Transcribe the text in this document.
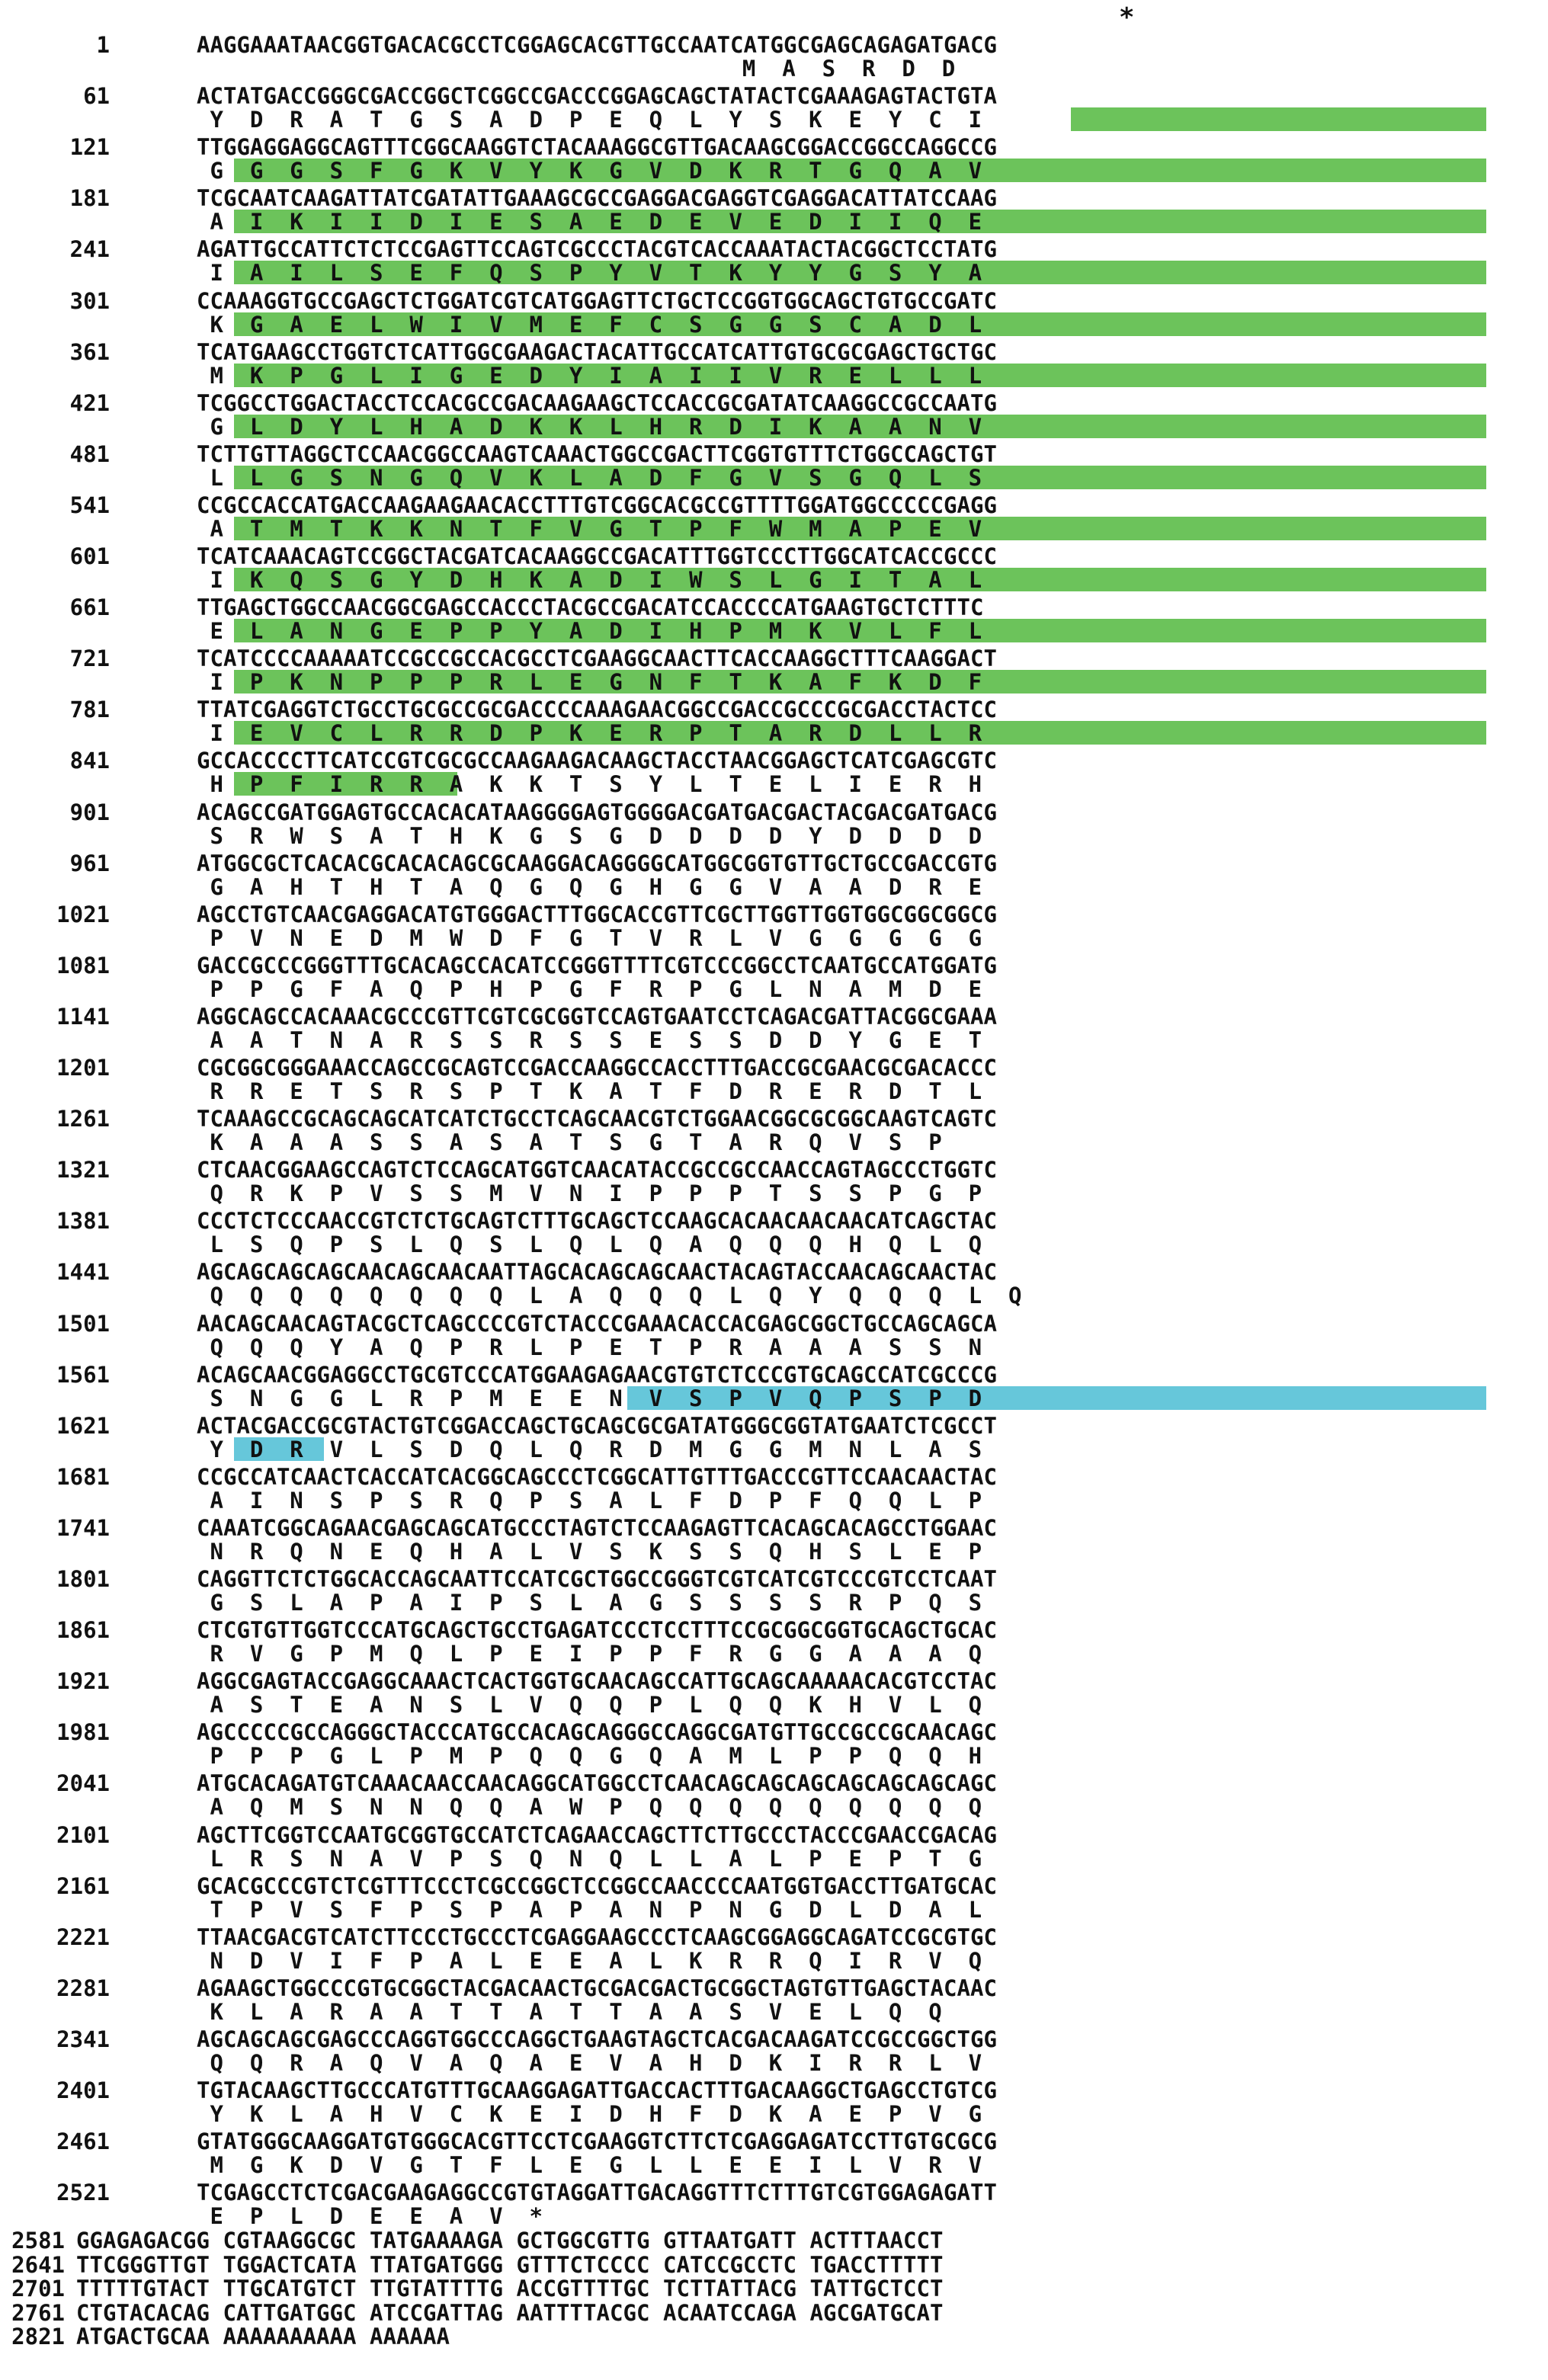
*
1	AAGGAAATAACGGTGACACGCCTCGGAGCACGTTGCCAATCATGGCGAGCAGAGATGACG
M  A  S  R  D  D
61	ACTATGACCGGGCGACCGGCTCGGCCGACCCGGAGCAGCTATACTCGAAAGAGTACTGTA
Y  D  R  A  T  G  S  A  D  P  E  Q  L  Y  S  K  E  Y  C  I
121	TTGGAGGAGGCAGTTTCGGCAAGGTCTACAAAGGCGTTGACAAGCGGACCGGCCAGGCCG
G  G  G  S  F  G  K  V  Y  K  G  V  D  K  R  T  G  Q  A  V
181	TCGCAATCAAGATTATCGATATTGAAAGCGCCGAGGACGAGGTCGAGGACATTATCCAAG
A  I  K  I  I  D  I  E  S  A  E  D  E  V  E  D  I  I  Q  E
241	AGATTGCCATTCTCTCCGAGTTCCAGTCGCCCTACGTCACCAAATACTACGGCTCCTATG
I  A  I  L  S  E  F  Q  S  P  Y  V  T  K  Y  Y  G  S  Y  A
301	CCAAAGGTGCCGAGCTCTGGATCGTCATGGAGTTCTGCTCCGGTGGCAGCTGTGCCGATC
K  G  A  E  L  W  I  V  M  E  F  C  S  G  G  S  C  A  D  L
361	TCATGAAGCCTGGTCTCATTGGCGAAGACTACATTGCCATCATTGTGCGCGAGCTGCTGC
M  K  P  G  L  I  G  E  D  Y  I  A  I  I  V  R  E  L  L  L
421	TCGGCCTGGACTACCTCCACGCCGACAAGAAGCTCCACCGCGATATCAAGGCCGCCAATG
G  L  D  Y  L  H  A  D  K  K  L  H  R  D  I  K  A  A  N  V
481	TCTTGTTAGGCTCCAACGGCCAAGTCAAACTGGCCGACTTCGGTGTTTCTGGCCAGCTGT
L  L  G  S  N  G  Q  V  K  L  A  D  F  G  V  S  G  Q  L  S
541	CCGCCACCATGACCAAGAAGAACACCTTTGTCGGCACGCCGTTTTGGATGGCCCCCGAGG
A  T  M  T  K  K  N  T  F  V  G  T  P  F  W  M  A  P  E  V
601	TCATCAAACAGTCCGGCTACGATCACAAGGCCGACATTTGGTCCCTTGGCATCACCGCCC
I  K  Q  S  G  Y  D  H  K  A  D  I  W  S  L  G  I  T  A  L
661	TTGAGCTGGCCAACGGCGAGCCACCCTACGCCGACATCCACCCCATGAAGTGCTCTTTC
E  L  A  N  G  E  P  P  Y  A  D  I  H  P  M  K  V  L  F  L
721	TCATCCCCAAAAATCCGCCGCCACGCCTCGAAGGCAACTTCACCAAGGCTTTCAAGGACT
I  P  K  N  P  P  P  R  L  E  G  N  F  T  K  A  F  K  D  F
781	TTATCGAGGTCTGCCTGCGCCGCGACCCCAAAGAACGGCCGACCGCCCGCGACCTACTCC
I  E  V  C  L  R  R  D  P  K  E  R  P  T  A  R  D  L  L  R
841	GCCACCCCTTCATCCGTCGCGCCAAGAAGACAAGCTACCTAACGGAGCTCATCGAGCGTC
H  P  F  I  R  R  A  K  K  T  S  Y  L  T  E  L  I  E  R  H
901	ACAGCCGATGGAGTGCCACACATAAGGGGAGTGGGGACGATGACGACTACGACGATGACG
S  R  W  S  A  T  H  K  G  S  G  D  D  D  D  Y  D  D  D  D
961	ATGGCGCTCACACGCACACAGCGCAAGGACAGGGGCATGGCGGTGTTGCTGCCGACCGTG
G  A  H  T  H  T  A  Q  G  Q  G  H  G  G  V  A  A  D  R  E
1021	AGCCTGTCAACGAGGACATGTGGGACTTTGGCACCGTTCGCTTGGTTGGTGGCGGCGGCG
P  V  N  E  D  M  W  D  F  G  T  V  R  L  V  G  G  G  G  G
1081	GACCGCCCGGGTTTGCACAGCCACATCCGGGTTTTCGTCCCGGCCTCAATGCCATGGATG
P  P  G  F  A  Q  P  H  P  G  F  R  P  G  L  N  A  M  D  E
1141	AGGCAGCCACAAACGCCCGTTCGTCGCGGTCCAGTGAATCCTCAGACGATTACGGCGAAA
A  A  T  N  A  R  S  S  R  S  S  E  S  S  D  D  Y  G  E  T
1201	CGCGGCGGGAAACCAGCCGCAGTCCGACCAAGGCCACCTTTGACCGCGAACGCGACACCC
R  R  E  T  S  R  S  P  T  K  A  T  F  D  R  E  R  D  T  L
1261	TCAAAGCCGCAGCAGCATCATCTGCCTCAGCAACGTCTGGAACGGCGCGGCAAGTCAGTC
K  A  A  A  S  S  A  S  A  T  S  G  T  A  R  Q  V  S  P
1321	CTCAACGGAAGCCAGTCTCCAGCATGGTCAACATACCGCCGCCAACCAGTAGCCCTGGTC
Q  R  K  P  V  S  S  M  V  N  I  P  P  P  T  S  S  P  G  P
1381	CCCTCTCCCAACCGTCTCTGCAGTCTTTGCAGCTCCAAGCACAACAACAACATCAGCTAC
L  S  Q  P  S  L  Q  S  L  Q  L  Q  A  Q  Q  Q  H  Q  L  Q
1441	AGCAGCAGCAGCAACAGCAACAATTAGCACAGCAGCAACTACAGTACCAACAGCAACTAC
Q  Q  Q  Q  Q  Q  Q  Q  L  A  Q  Q  Q  L  Q  Y  Q  Q  Q  L  Q
1501	AACAGCAACAGTACGCTCAGCCCCGTCTACCCGAAACACCACGAGCGGCTGCCAGCAGCA
Q  Q  Q  Y  A  Q  P  R  L  P  E  T  P  R  A  A  A  S  S  N
1561	ACAGCAACGGAGGCCTGCGTCCCATGGAAGAGAACGTGTCTCCCGTGCAGCCATCGCCCG
S  N  G  G  L  R  P  M  E  E  N  V  S  P  V  Q  P  S  P  D
1621	ACTACGACCGCGTACTGTCGGACCAGCTGCAGCGCGATATGGGCGGTATGAATCTCGCCT
Y  D  R  V  L  S  D  Q  L  Q  R  D  M  G  G  M  N  L  A  S
1681	CCGCCATCAACTCACCATCACGGCAGCCCTCGGCATTGTTTGACCCGTTCCAACAACTAC
A  I  N  S  P  S  R  Q  P  S  A  L  F  D  P  F  Q  Q  L  P
1741	CAAATCGGCAGAACGAGCAGCATGCCCTAGTCTCCAAGAGTTCACAGCACAGCCTGGAAC
N  R  Q  N  E  Q  H  A  L  V  S  K  S  S  Q  H  S  L  E  P
1801	CAGGTTCTCTGGCACCAGCAATTCCATCGCTGGCCGGGTCGTCATCGTCCCGTCCTCAAT
G  S  L  A  P  A  I  P  S  L  A  G  S  S  S  S  R  P  Q  S
1861	CTCGTGTTGGTCCCATGCAGCTGCCTGAGATCCCTCCTTTCCGCGGCGGTGCAGCTGCAC
R  V  G  P  M  Q  L  P  E  I  P  P  F  R  G  G  A  A  A  Q
1921	AGGCGAGTACCGAGGCAAACTCACTGGTGCAACAGCCATTGCAGCAAAAACACGTCCTAC
A  S  T  E  A  N  S  L  V  Q  Q  P  L  Q  Q  K  H  V  L  Q
1981	AGCCCCCGCCAGGGCTACCCATGCCACAGCAGGGCCAGGCGATGTTGCCGCCGCAACAGC
P  P  P  G  L  P  M  P  Q  Q  G  Q  A  M  L  P  P  Q  Q  H
2041	ATGCACAGATGTCAAACAACCAACAGGCATGGCCTCAACAGCAGCAGCAGCAGCAGCAGC
A  Q  M  S  N  N  Q  Q  A  W  P  Q  Q  Q  Q  Q  Q  Q  Q  Q
2101	AGCTTCGGTCCAATGCGGTGCCATCTCAGAACCAGCTTCTTGCCCTACCCGAACCGACAG
L  R  S  N  A  V  P  S  Q  N  Q  L  L  A  L  P  E  P  T  G
2161	GCACGCCCGTCTCGTTTCCCTCGCCGGCTCCGGCCAACCCCAATGGTGACCTTGATGCAC
T  P  V  S  F  P  S  P  A  P  A  N  P  N  G  D  L  D  A  L
2221	TTAACGACGTCATCTTCCCTGCCCTCGAGGAAGCCCTCAAGCGGAGGCAGATCCGCGTGC
N  D  V  I  F  P  A  L  E  E  A  L  K  R  R  Q  I  R  V  Q
2281	AGAAGCTGGCCCGTGCGGCTACGACAACTGCGACGACTGCGGCTAGTGTTGAGCTACAAC
K  L  A  R  A  A  T  T  A  T  T  A  A  S  V  E  L  Q  Q
2341	AGCAGCAGCGAGCCCAGGTGGCCCAGGCTGAAGTAGCTCACGACAAGATCCGCCGGCTGG
Q  Q  R  A  Q  V  A  Q  A  E  V  A  H  D  K  I  R  R  L  V
2401	TGTACAAGCTTGCCCATGTTTGCAAGGAGATTGACCACTTTGACAAGGCTGAGCCTGTCG
Y  K  L  A  H  V  C  K  E  I  D  H  F  D  K  A  E  P  V  G
2461	GTATGGGCAAGGATGTGGGCACGTTCCTCGAAGGTCTTCTCGAGGAGATCCTTGTGCGCG
M  G  K  D  V  G  T  F  L  E  G  L  L  E  E  I  L  V  R  V
2521	TCGAGCCTCTCGACGAAGAGGCCGTGTAGGATTGACAGGTTTCTTTGTCGTGGAGAGATT
E  P  L  D  E  E  A  V  *
2581 GGAGAGACGG CGTAAGGCGC TATGAAAAGA GCTGGCGTTG GTTAATGATT ACTTTAACCT
2641 TTCGGGTTGT TGGACTCATA TTATGATGGG GTTTCTCCCC CATCCGCCTC TGACCTTTTT
2701 TTTTTGTACT TTGCATGTCT TTGTATTTTG ACCGTTTTGC TCTTATTACG TATTGCTCCT
2761 CTGTACACAG CATTGATGGC ATCCGATTAG AATTTTACGC ACAATCCAGA AGCGATGCAT
2821 ATGACTGCAA AAAAAAAAAA AAAAAA
